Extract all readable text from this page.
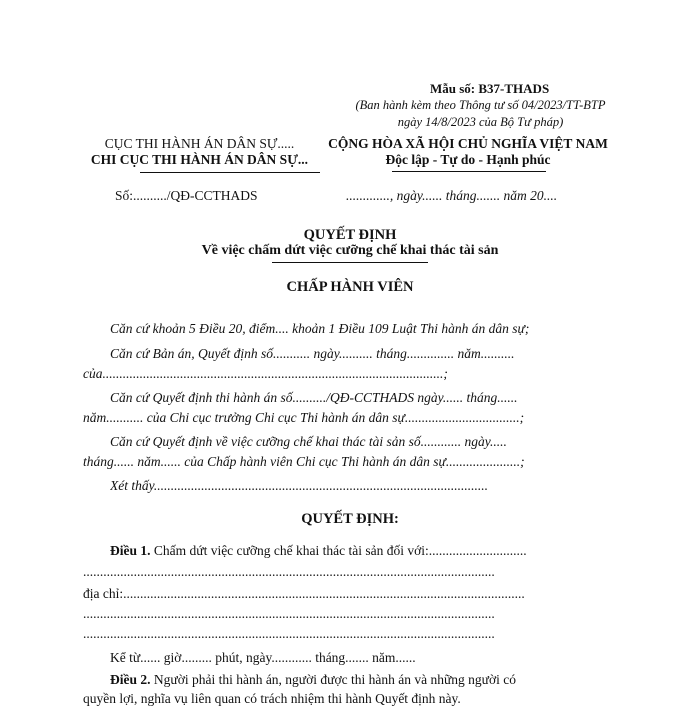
Mẫu số: B37-THADS
(Ban hành kèm theo Thông tư số 04/2023/TT-BTP
ngày 14/8/2023 của Bộ Tư pháp)
CỤC THI HÀNH ÁN DÂN SỰ.....
CHI CỤC THI HÀNH ÁN DÂN SỰ...
CỘNG HÒA XÃ HỘI CHỦ NGHĨA VIỆT NAM
Độc lập - Tự do - Hạnh phúc
Số:........../QĐ-CCTHADS	............., ngày...... tháng....... năm 20....
QUYẾT ĐỊNH
Về việc chấm dứt việc cưỡng chế khai thác tài sản
CHẤP HÀNH VIÊN
Căn cứ khoản 5 Điều 20, điểm.... khoản 1 Điều 109 Luật Thi hành án dân sự;
Căn cứ Bản án, Quyết định số........... ngày.......... tháng.............. năm..........
của.....................................................................................................;
Căn cứ Quyết định thi hành án số........../QĐ-CCTHADS ngày...... tháng......
năm........... của Chi cục trưởng Chi cục Thi hành án dân sự..................................;
Căn cứ Quyết định về việc cưỡng chế khai thác tài sản số............ ngày.....
tháng...... năm...... của Chấp hành viên Chi cục Thi hành án dân sự......................;
Xét thấy...................................................................................................
QUYẾT ĐỊNH:
Điều 1. Chấm dứt việc cưỡng chế khai thác tài sản đối với:.............................
..........................................................................................................................
địa chỉ:.......................................................................................................................
..........................................................................................................................
..........................................................................................................................
Kể từ...... giờ......... phút, ngày............ tháng....... năm......
Điều 2. Người phải thi hành án, người được thi hành án và những người có
quyền lợi, nghĩa vụ liên quan có trách nhiệm thi hành Quyết định này.
